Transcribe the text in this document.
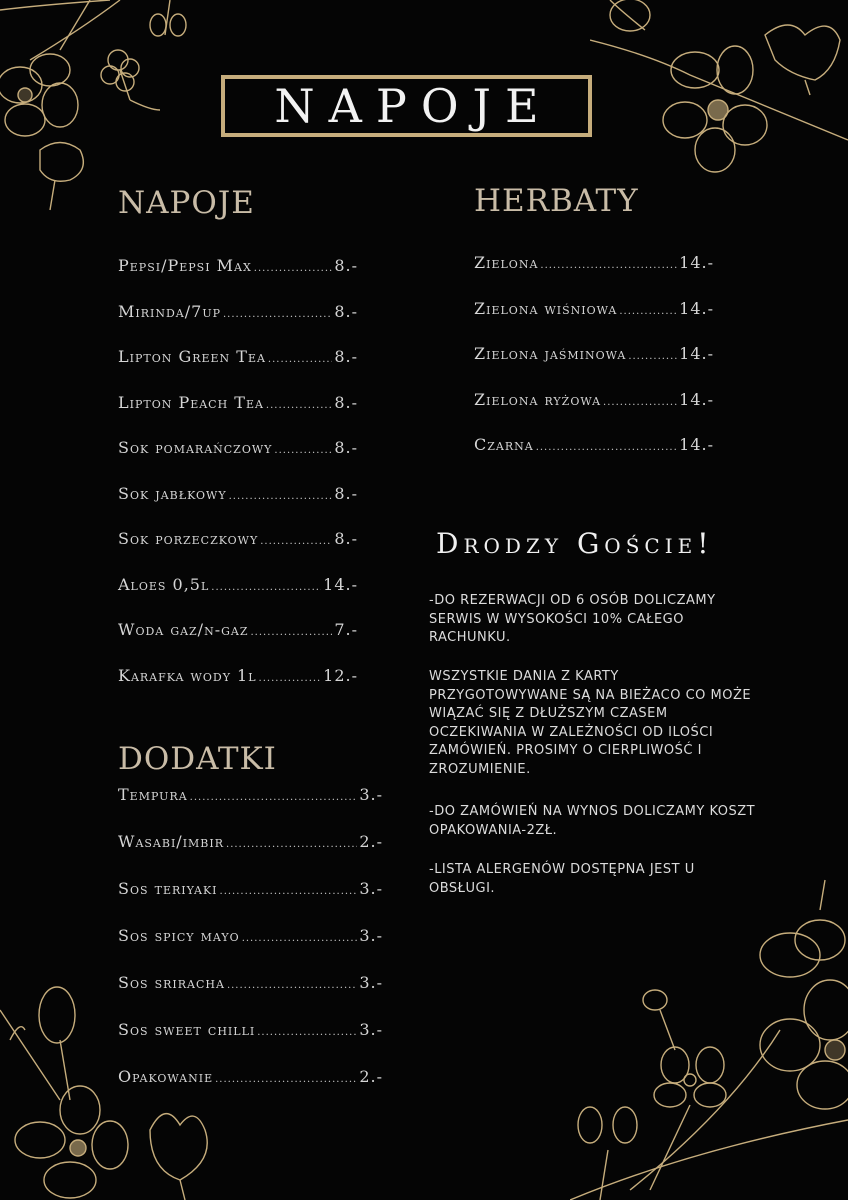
NAPOJE
NAPOJE
Pepsi/Pepsi Max .....	8.-
Mirinda/7up .....	8.-
Lipton Green Tea .....	8.-
Lipton Peach Tea .....	8.-
Sok pomarańczowy .....	8.-
Sok jabłkowy .....	8.-
Sok porzeczkowy .....	8.-
Aloes 0,5l .....	14.-
Woda gaz/n-gaz .....	7.-
Karafka wody 1l .....	12.-
HERBATY
Zielona .....	14.-
Zielona wiśniowa .....	14.-
Zielona jaśminowa .....	14.-
Zielona ryżowa .....	14.-
Czarna .....	14.-
DODATKI
Tempura .....	3.-
Wasabi/imbir .....	2.-
Sos teriyaki .....	3.-
Sos spicy mayo .....	3.-
Sos sriracha .....	3.-
Sos sweet chilli .....	3.-
Opakowanie .....	2.-
Drodzy Goście!
-DO REZERWACJI OD 6 OSÓB DOLICZAMY SERWIS W WYSOKOŚCI 10% CAŁEGO RACHUNKU.
WSZYSTKIE DANIA Z KARTY PRZYGOTOWYWANE SĄ NA BIEŻACO CO MOŻE WIĄZAĆ SIĘ Z DŁUŻSZYM CZASEM OCZEKIWANIA W ZALEŻNOŚCI OD ILOŚCI ZAMÓWIEŃ. PROSIMY O CIERPLIWOŚĆ I ZROZUMIENIE.
-DO ZAMÓWIEŃ NA WYNOS DOLICZAMY KOSZT OPAKOWANIA-2ZŁ.
-LISTA ALERGENÓW DOSTĘPNA JEST U OBSŁUGI.
